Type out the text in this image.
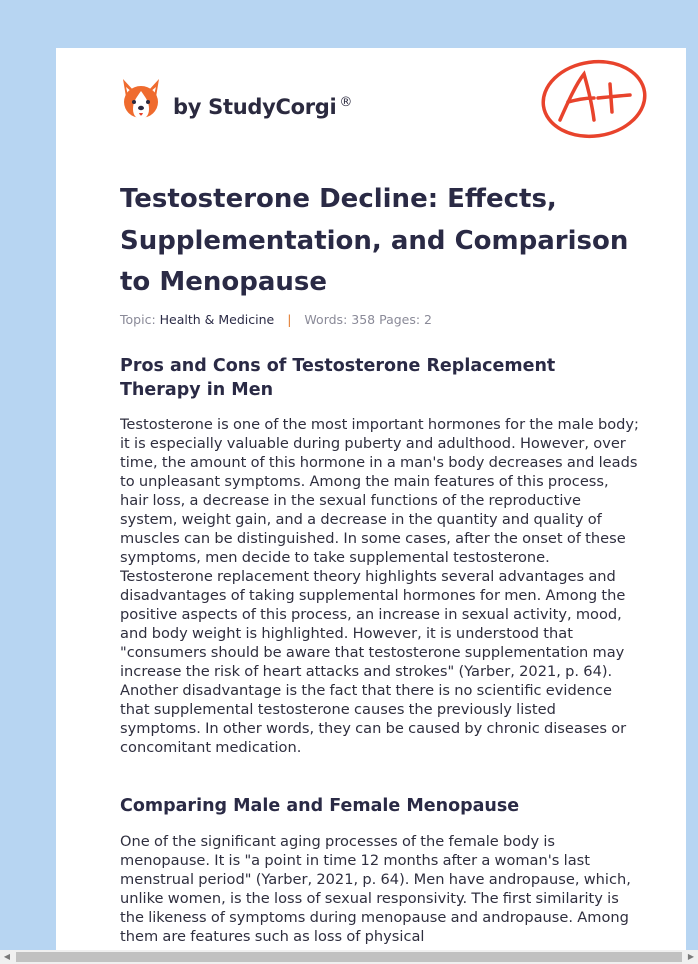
by StudyCorgi ®
Testosterone Decline: Effects, Supplementation, and Comparison to Menopause
Topic: Health & Medicine | Words: 358 Pages: 2
Pros and Cons of Testosterone Replacement Therapy in Men

Testosterone is one of the most important hormones for the male body; it is especially valuable during puberty and adulthood. However, over time, the amount of this hormone in a man's body decreases and leads to unpleasant symptoms. Among the main features of this process, hair loss, a decrease in the sexual functions of the reproductive system, weight gain, and a decrease in the quantity and quality of muscles can be distinguished. In some cases, after the onset of these symptoms, men decide to take supplemental testosterone. Testosterone replacement theory highlights several advantages and disadvantages of taking supplemental hormones for men. Among the positive aspects of this process, an increase in sexual activity, mood, and body weight is highlighted. However, it is understood that "consumers should be aware that testosterone supplementation may increase the risk of heart attacks and strokes" (Yarber, 2021, p. 64). Another disadvantage is the fact that there is no scientific evidence that supplemental testosterone causes the previously listed symptoms. In other words, they can be caused by chronic diseases or concomitant medication.

Comparing Male and Female Menopause

One of the significant aging processes of the female body is menopause. It is "a point in time 12 months after a woman's last menstrual period" (Yarber, 2021, p. 64). Men have andropause, which, unlike women, is the loss of sexual responsivity. The first similarity is the likeness of symptoms during menopause and andropause. Among them are features such as loss of physical

◀	▶
